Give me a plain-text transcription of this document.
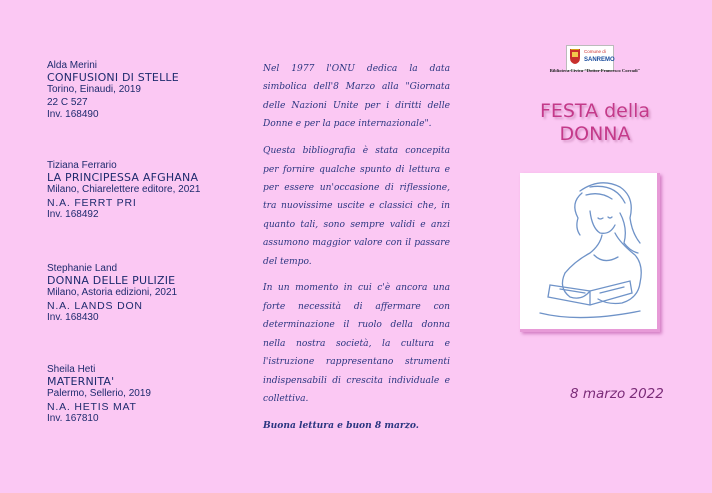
Alda Merini
CONFUSIONI DI STELLE
Torino, Einaudi, 2019
22 C 527
Inv. 168490
Tiziana Ferrario
LA PRINCIPESSA AFGHANA
Milano, Chiarelettere editore, 2021
N.A. FERRT PRI
Inv. 168492
Stephanie Land
DONNA DELLE PULIZIE
Milano, Astoria edizioni, 2021
N.A. LANDS DON
Inv. 168430
Sheila Heti
MATERNITA'
Palermo, Sellerio, 2019
N.A. HETIS MAT
Inv. 167810

Nel 1977 l'ONU dedica la data simbolica dell'8 Marzo alla "Giornata delle Nazioni Unite per i diritti delle Donne e per la pace internazionale".

Questa bibliografia è stata concepita per fornire qualche spunto di lettura e per essere un'occasione di riflessione, tra nuovissime uscite e classici che, in quanto tali, sono sempre validi e anzi assumono maggior valore con il passare del tempo.

In un momento in cui c'è ancora una forte necessità di affermare con determinazione il ruolo della donna nella nostra società, la cultura e l'istruzione rappresentano strumenti indispensabili di crescita individuale e collettiva.

Buona lettura e buon 8 marzo.

Comune di
SANREMO
Biblioteca Civica "Dottor Francesco Corradi"
FESTA della
DONNA
8 marzo 2022
